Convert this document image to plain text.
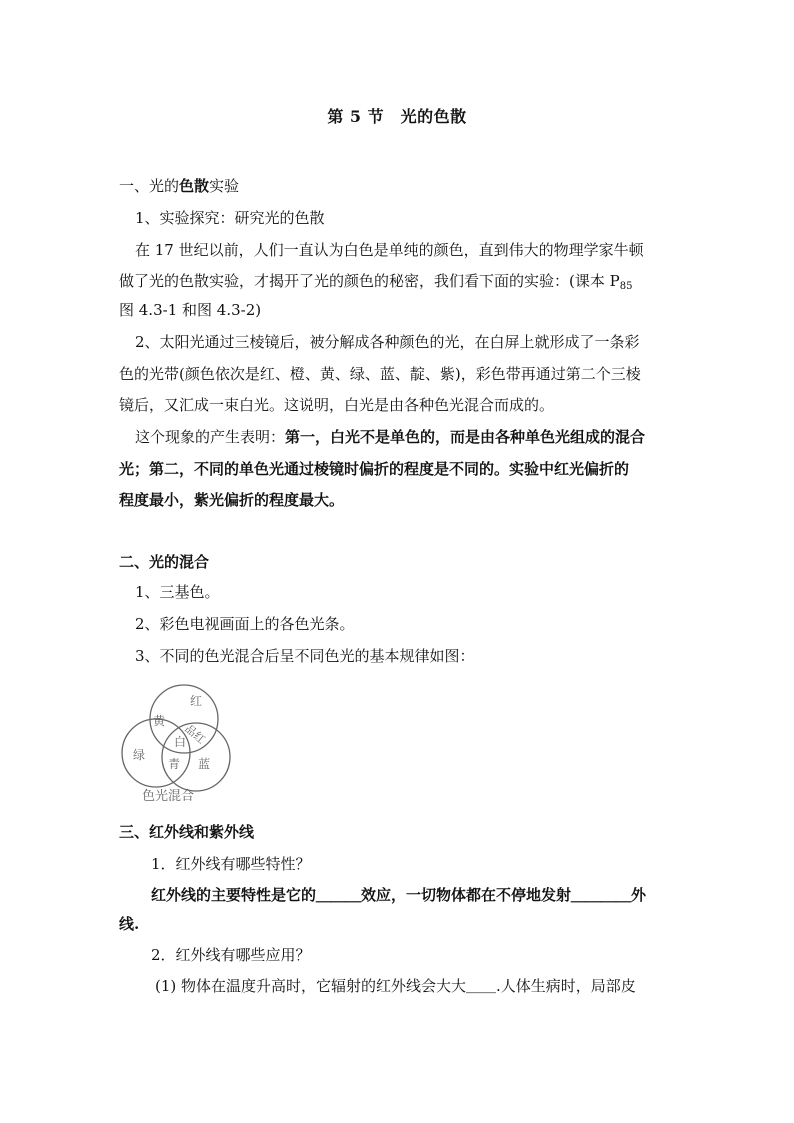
第 5 节　光的色散
一、光的色散实验
1、实验探究：研究光的色散
在 17 世纪以前，人们一直认为白色是单纯的颜色，直到伟大的物理学家牛顿
做了光的色散实验，才揭开了光的颜色的秘密，我们看下面的实验：(课本 $P_{85}$
图 4.3-1 和图 4.3-2)
2、太阳光通过三棱镜后，被分解成各种颜色的光，在白屏上就形成了一条彩
色的光带(颜色依次是红、橙、黄、绿、蓝、靛、紫)，彩色带再通过第二个三棱
镜后，又汇成一束白光。这说明，白光是由各种色光混合而成的。
这个现象的产生表明：第一，白光不是单色的，而是由各种单色光组成的混合
光；第二，不同的单色光通过棱镜时偏折的程度是不同的。实验中红光偏折的
程度最小，紫光偏折的程度最大。
二、光的混合
1、三基色。
2、彩色电视画面上的各色光条。
3、不同的色光混合后呈不同色光的基本规律如图：
红
黄
品红
白
绿
青 蓝
色光混合
三、红外线和紫外线
1．红外线有哪些特性？
红外线的主要特性是它的＿＿＿效应，一切物体都在不停地发射＿＿＿＿外
线.
2．红外线有哪些应用？
(1) 物体在温度升高时，它辐射的红外线会大大＿＿.人体生病时，局部皮
